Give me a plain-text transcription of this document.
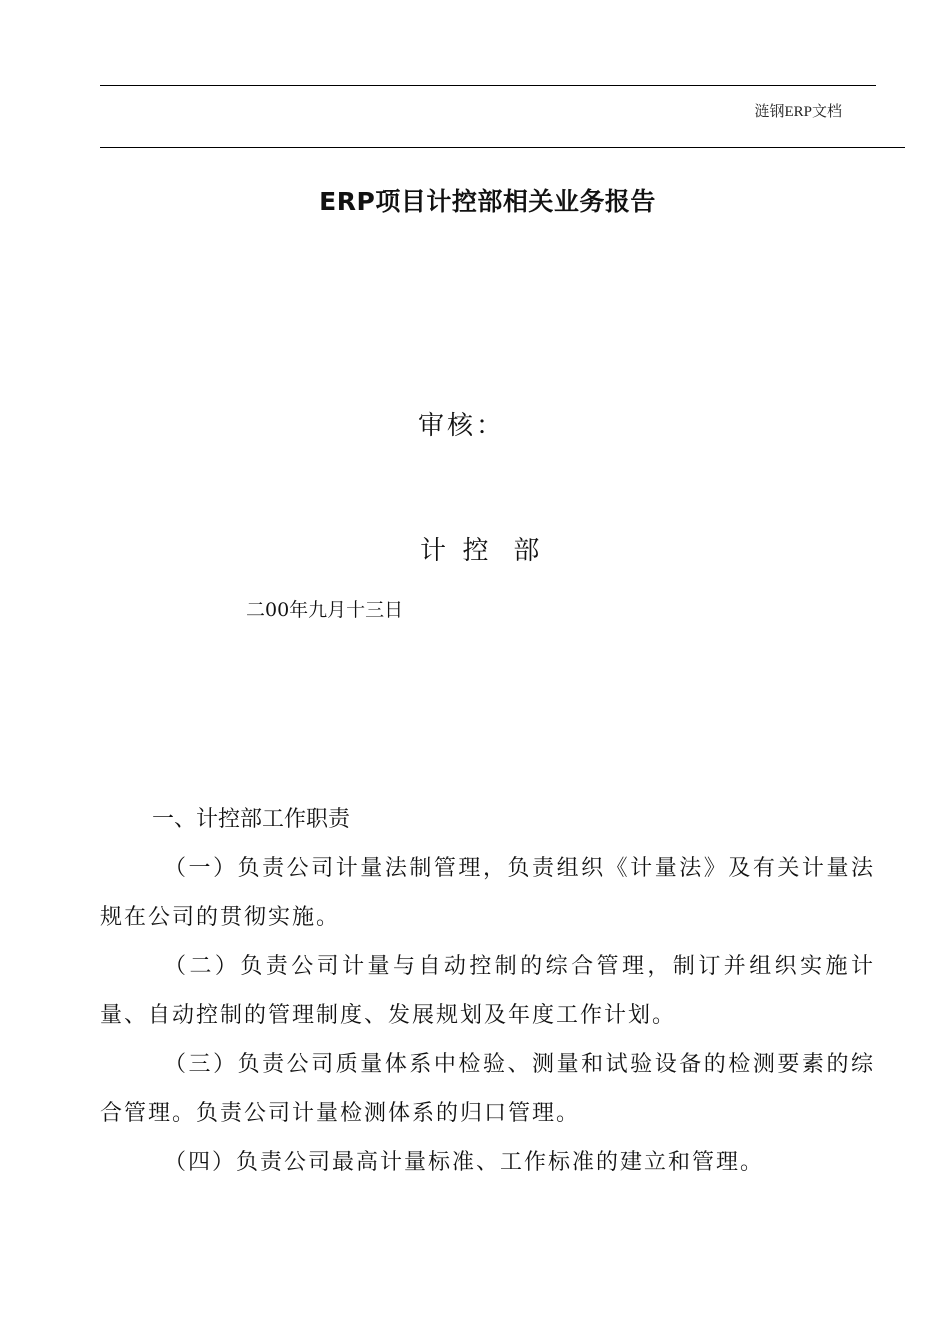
涟钢ERP文档
ERP项目计控部相关业务报告
审核：
计  控   部
二00年九月十三日

一、计控部工作职责

（一）负责公司计量法制管理，负责组织《计量法》及有关计量法规在公司的贯彻实施。

（二）负责公司计量与自动控制的综合管理，制订并组织实施计量、自动控制的管理制度、发展规划及年度工作计划。

（三）负责公司质量体系中检验、测量和试验设备的检测要素的综合管理。负责公司计量检测体系的归口管理。

（四）负责公司最高计量标准、工作标准的建立和管理。
